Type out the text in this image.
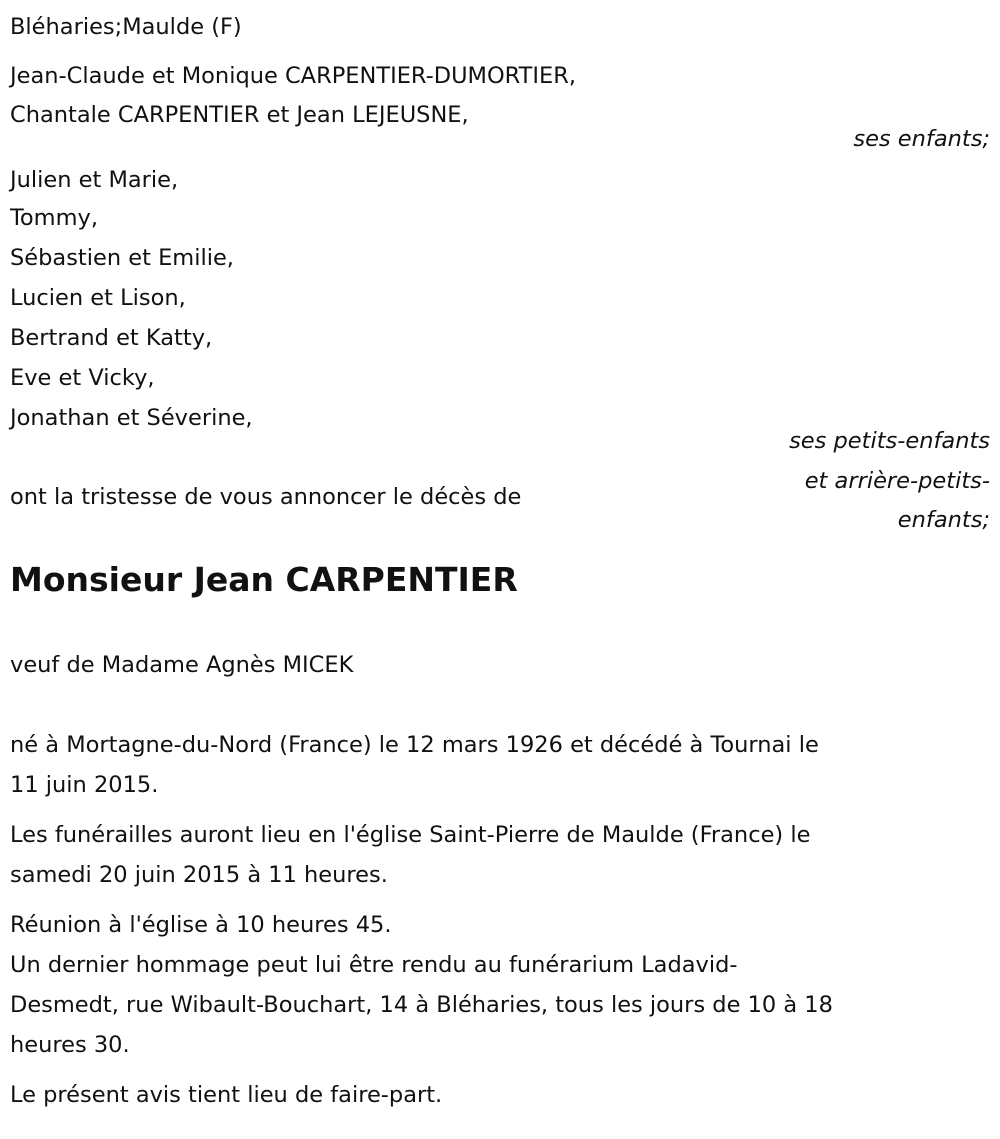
Bléharies;Maulde (F)
Jean-Claude et Monique CARPENTIER-DUMORTIER,
Chantale CARPENTIER et Jean LEJEUSNE,
ses enfants;
Julien et Marie,
Tommy,
Sébastien et Emilie,
Lucien et Lison,
Bertrand et Katty,
Eve et Vicky,
Jonathan et Séverine,
ses petits-enfants
et arrière-petits-
enfants;
ont la tristesse de vous annoncer le décès de
Monsieur Jean CARPENTIER
veuf de Madame Agnès MICEK
né à Mortagne-du-Nord (France) le 12 mars 1926 et décédé à Tournai le
11 juin 2015.
Les funérailles auront lieu en l'église Saint-Pierre de Maulde (France) le
samedi 20 juin 2015 à 11 heures.
Réunion à l'église à 10 heures 45.
Un dernier hommage peut lui être rendu au funérarium Ladavid-
Desmedt, rue Wibault-Bouchart, 14 à Bléharies, tous les jours de 10 à 18
heures 30.
Le présent avis tient lieu de faire-part.
